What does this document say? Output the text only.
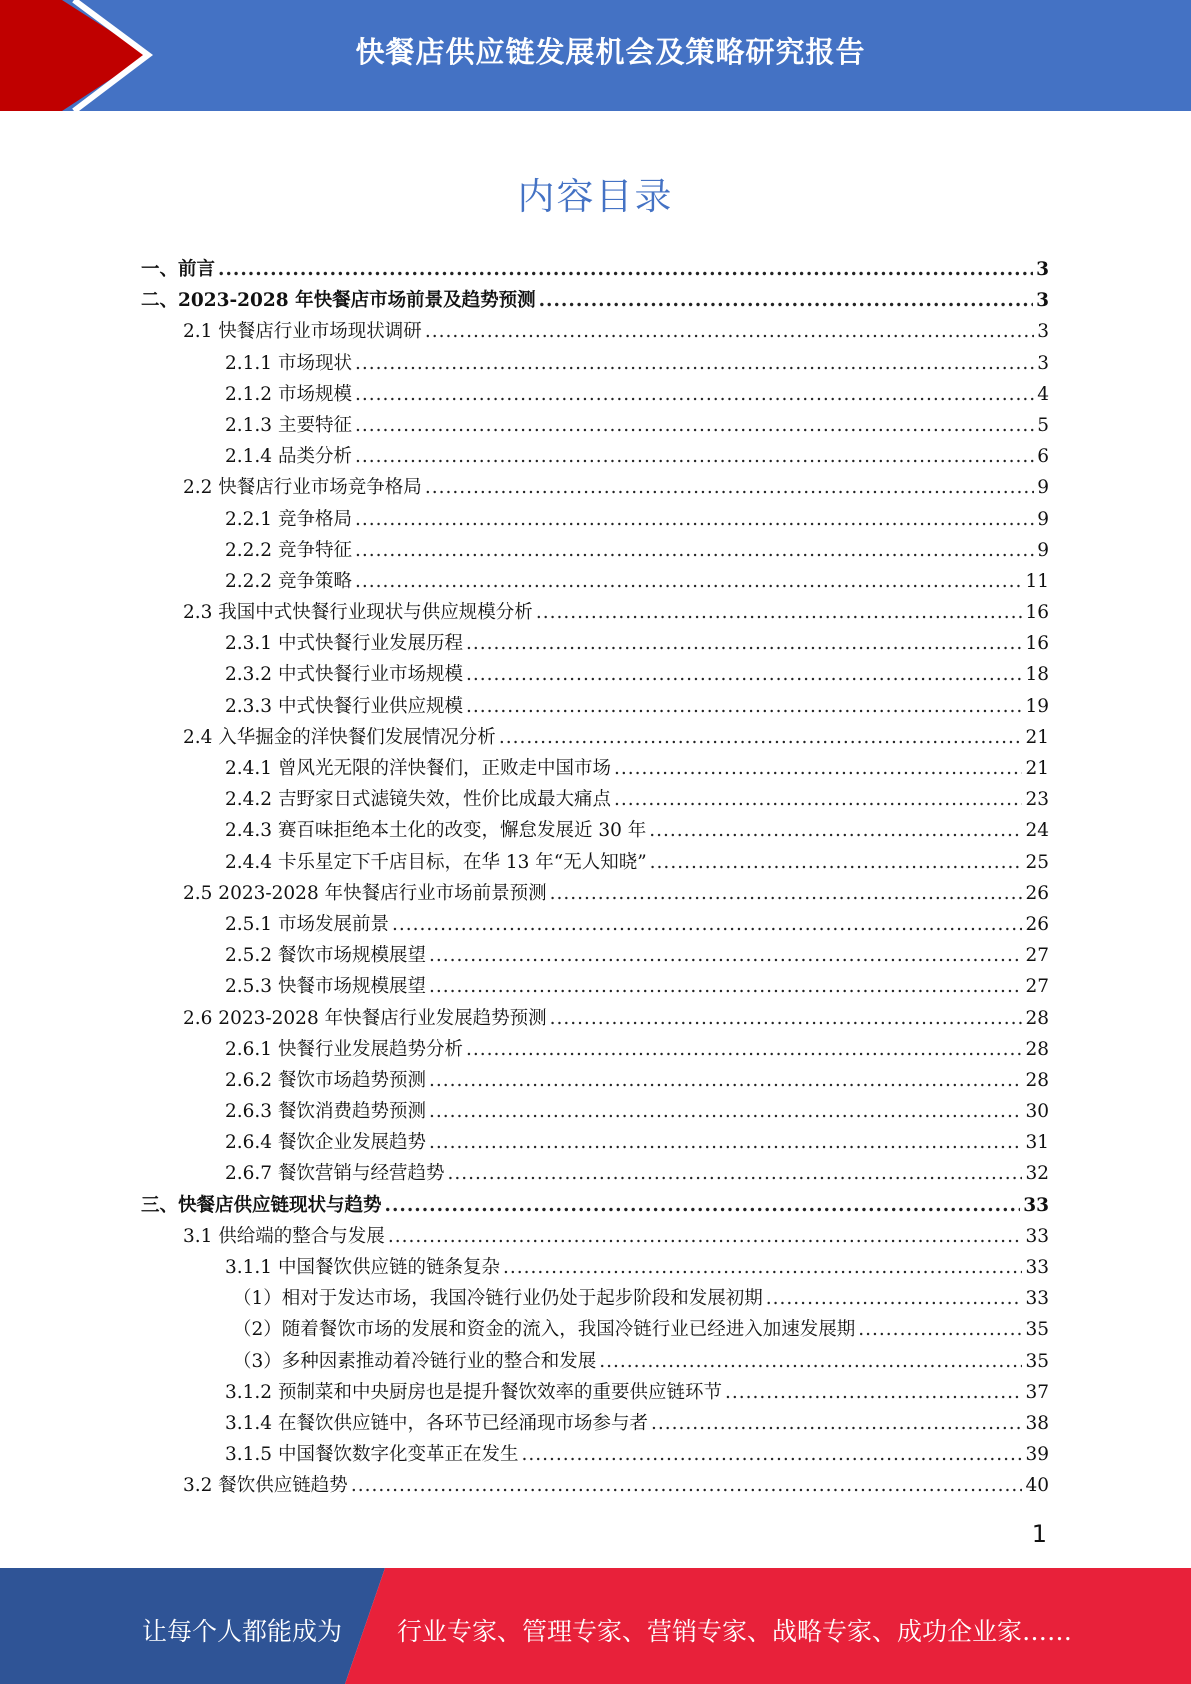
快餐店供应链发展机会及策略研究报告
内容目录
一、前言 .....	3
二、2023-2028 年快餐店市场前景及趋势预测 .....	3
2.1 快餐店行业市场现状调研 .....	3
2.1.1 市场现状 .....	3
2.1.2 市场规模 .....	4
2.1.3 主要特征 .....	5
2.1.4 品类分析 .....	6
2.2 快餐店行业市场竞争格局 .....	9
2.2.1 竞争格局 .....	9
2.2.2 竞争特征 .....	9
2.2.2 竞争策略 .....	11
2.3 我国中式快餐行业现状与供应规模分析 .....	16
2.3.1 中式快餐行业发展历程 .....	16
2.3.2 中式快餐行业市场规模 .....	18
2.3.3 中式快餐行业供应规模 .....	19
2.4 入华掘金的洋快餐们发展情况分析 .....	21
2.4.1 曾风光无限的洋快餐们，正败走中国市场 .....	21
2.4.2 吉野家日式滤镜失效，性价比成最大痛点 .....	23
2.4.3 赛百味拒绝本土化的改变，懈怠发展近 30 年 .....	24
2.4.4 卡乐星定下千店目标，在华 13 年“无人知晓” .....	25
2.5 2023-2028 年快餐店行业市场前景预测 .....	26
2.5.1 市场发展前景 .....	26
2.5.2 餐饮市场规模展望 .....	27
2.5.3 快餐市场规模展望 .....	27
2.6 2023-2028 年快餐店行业发展趋势预测 .....	28
2.6.1 快餐行业发展趋势分析 .....	28
2.6.2 餐饮市场趋势预测 .....	28
2.6.3 餐饮消费趋势预测 .....	30
2.6.4 餐饮企业发展趋势 .....	31
2.6.7 餐饮营销与经营趋势 .....	32
三、快餐店供应链现状与趋势 .....	33
3.1 供给端的整合与发展 .....	33
3.1.1 中国餐饮供应链的链条复杂 .....	33
（1）相对于发达市场，我国冷链行业仍处于起步阶段和发展初期 .....	33
（2）随着餐饮市场的发展和资金的流入，我国冷链行业已经进入加速发展期 .....	35
（3）多种因素推动着冷链行业的整合和发展 .....	35
3.1.2 预制菜和中央厨房也是提升餐饮效率的重要供应链环节 .....	37
3.1.4 在餐饮供应链中，各环节已经涌现市场参与者 .....	38
3.1.5 中国餐饮数字化变革正在发生 .....	39
3.2 餐饮供应链趋势 .....	40
1
让每个人都能成为 行业专家、管理专家、营销专家、战略专家、成功企业家……
